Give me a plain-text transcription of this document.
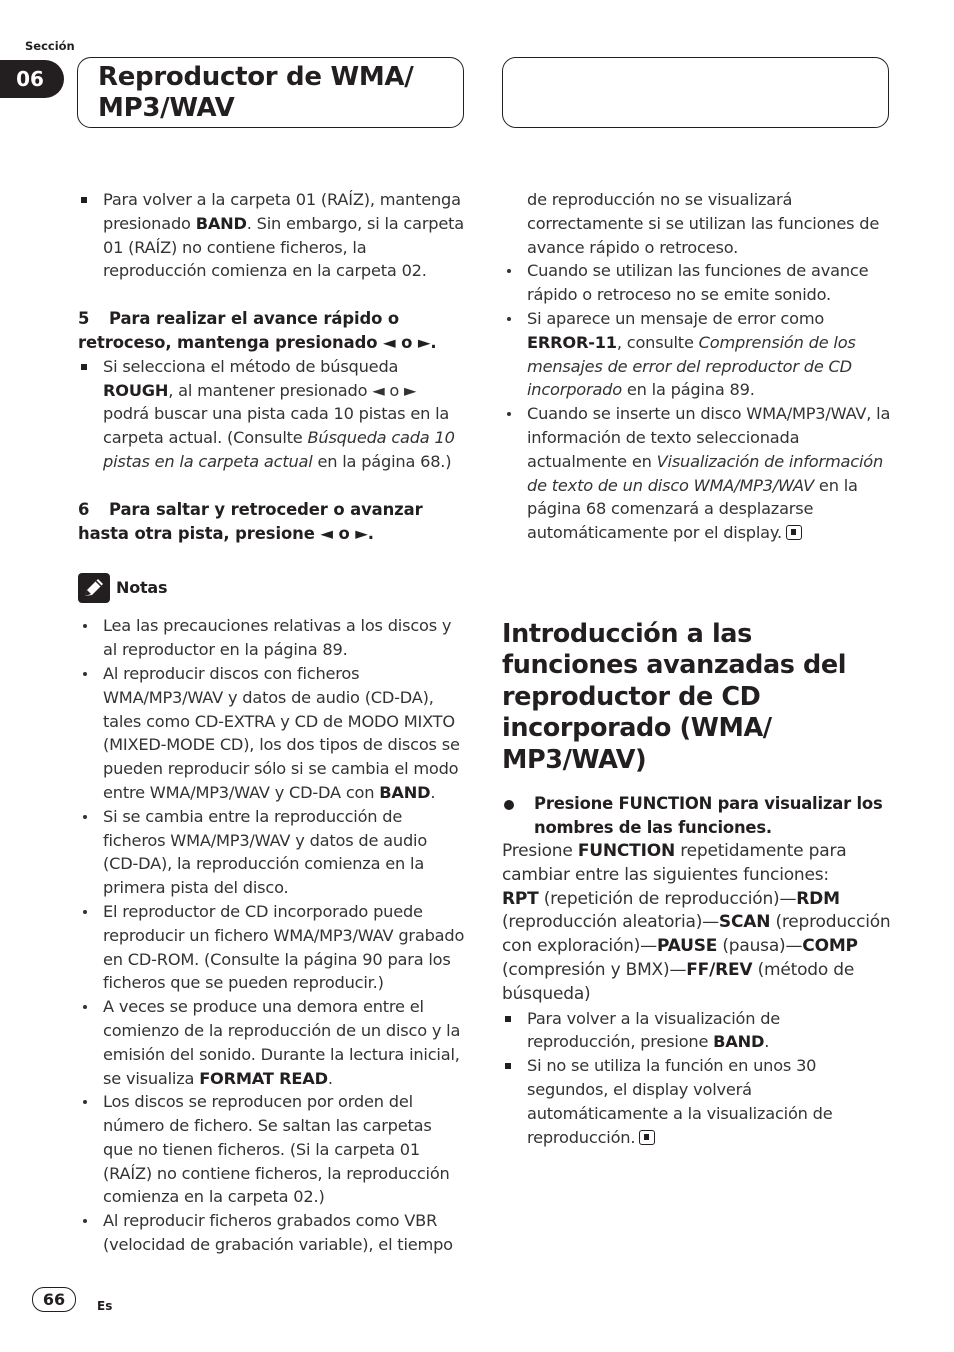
Sección
06	Reproductor de WMA/
MP3/WAV
Para volver a la carpeta 01 (RAÍZ), mantenga presionado BAND. Sin embargo, si la carpeta 01 (RAÍZ) no contiene ficheros, la reproducción comienza en la carpeta 02.
5 Para realizar el avance rápido o retroceso, mantenga presionado ◄ o ►.
Si selecciona el método de búsqueda ROUGH, al mantener presionado ◄ o ► podrá buscar una pista cada 10 pistas en la carpeta actual. (Consulte Búsqueda cada 10 pistas en la carpeta actual en la página 68.)
6 Para saltar y retroceder o avanzar hasta otra pista, presione ◄ o ►.
Notas
Lea las precauciones relativas a los discos y al reproductor en la página 89.
Al reproducir discos con ficheros WMA/MP3/WAV y datos de audio (CD-DA), tales como CD-EXTRA y CD de MODO MIXTO (MIXED-MODE CD), los dos tipos de discos se pueden reproducir sólo si se cambia el modo entre WMA/MP3/WAV y CD-DA con BAND.
Si se cambia entre la reproducción de ficheros WMA/MP3/WAV y datos de audio (CD-DA), la reproducción comienza en la primera pista del disco.
El reproductor de CD incorporado puede reproducir un fichero WMA/MP3/WAV grabado en CD-ROM. (Consulte la página 90 para los ficheros que se pueden reproducir.)
A veces se produce una demora entre el comienzo de la reproducción de un disco y la emisión del sonido. Durante la lectura inicial, se visualiza FORMAT READ.
Los discos se reproducen por orden del número de fichero. Se saltan las carpetas que no tienen ficheros. (Si la carpeta 01 (RAÍZ) no contiene ficheros, la reproducción comienza en la carpeta 02.)
Al reproducir ficheros grabados como VBR (velocidad de grabación variable), el tiempo
de reproducción no se visualizará correctamente si se utilizan las funciones de avance rápido o retroceso.
Cuando se utilizan las funciones de avance rápido o retroceso no se emite sonido.
Si aparece un mensaje de error como ERROR-11, consulte Comprensión de los mensajes de error del reproductor de CD incorporado en la página 89.
Cuando se inserte un disco WMA/MP3/WAV, la información de texto seleccionada actualmente en Visualización de información de texto de un disco WMA/MP3/WAV en la página 68 comenzará a desplazarse automáticamente por el display.
Introducción a las funciones avanzadas del reproductor de CD incorporado (WMA/ MP3/WAV)
Presione FUNCTION para visualizar los nombres de las funciones.
Presione FUNCTION repetidamente para cambiar entre las siguientes funciones:
RPT (repetición de reproducción)—RDM (reproducción aleatoria)—SCAN (reproducción con exploración)—PAUSE (pausa)—COMP (compresión y BMX)—FF/REV (método de búsqueda)
Para volver a la visualización de reproducción, presione BAND.
Si no se utiliza la función en unos 30 segundos, el display volverá automáticamente a la visualización de reproducción.
66	Es
